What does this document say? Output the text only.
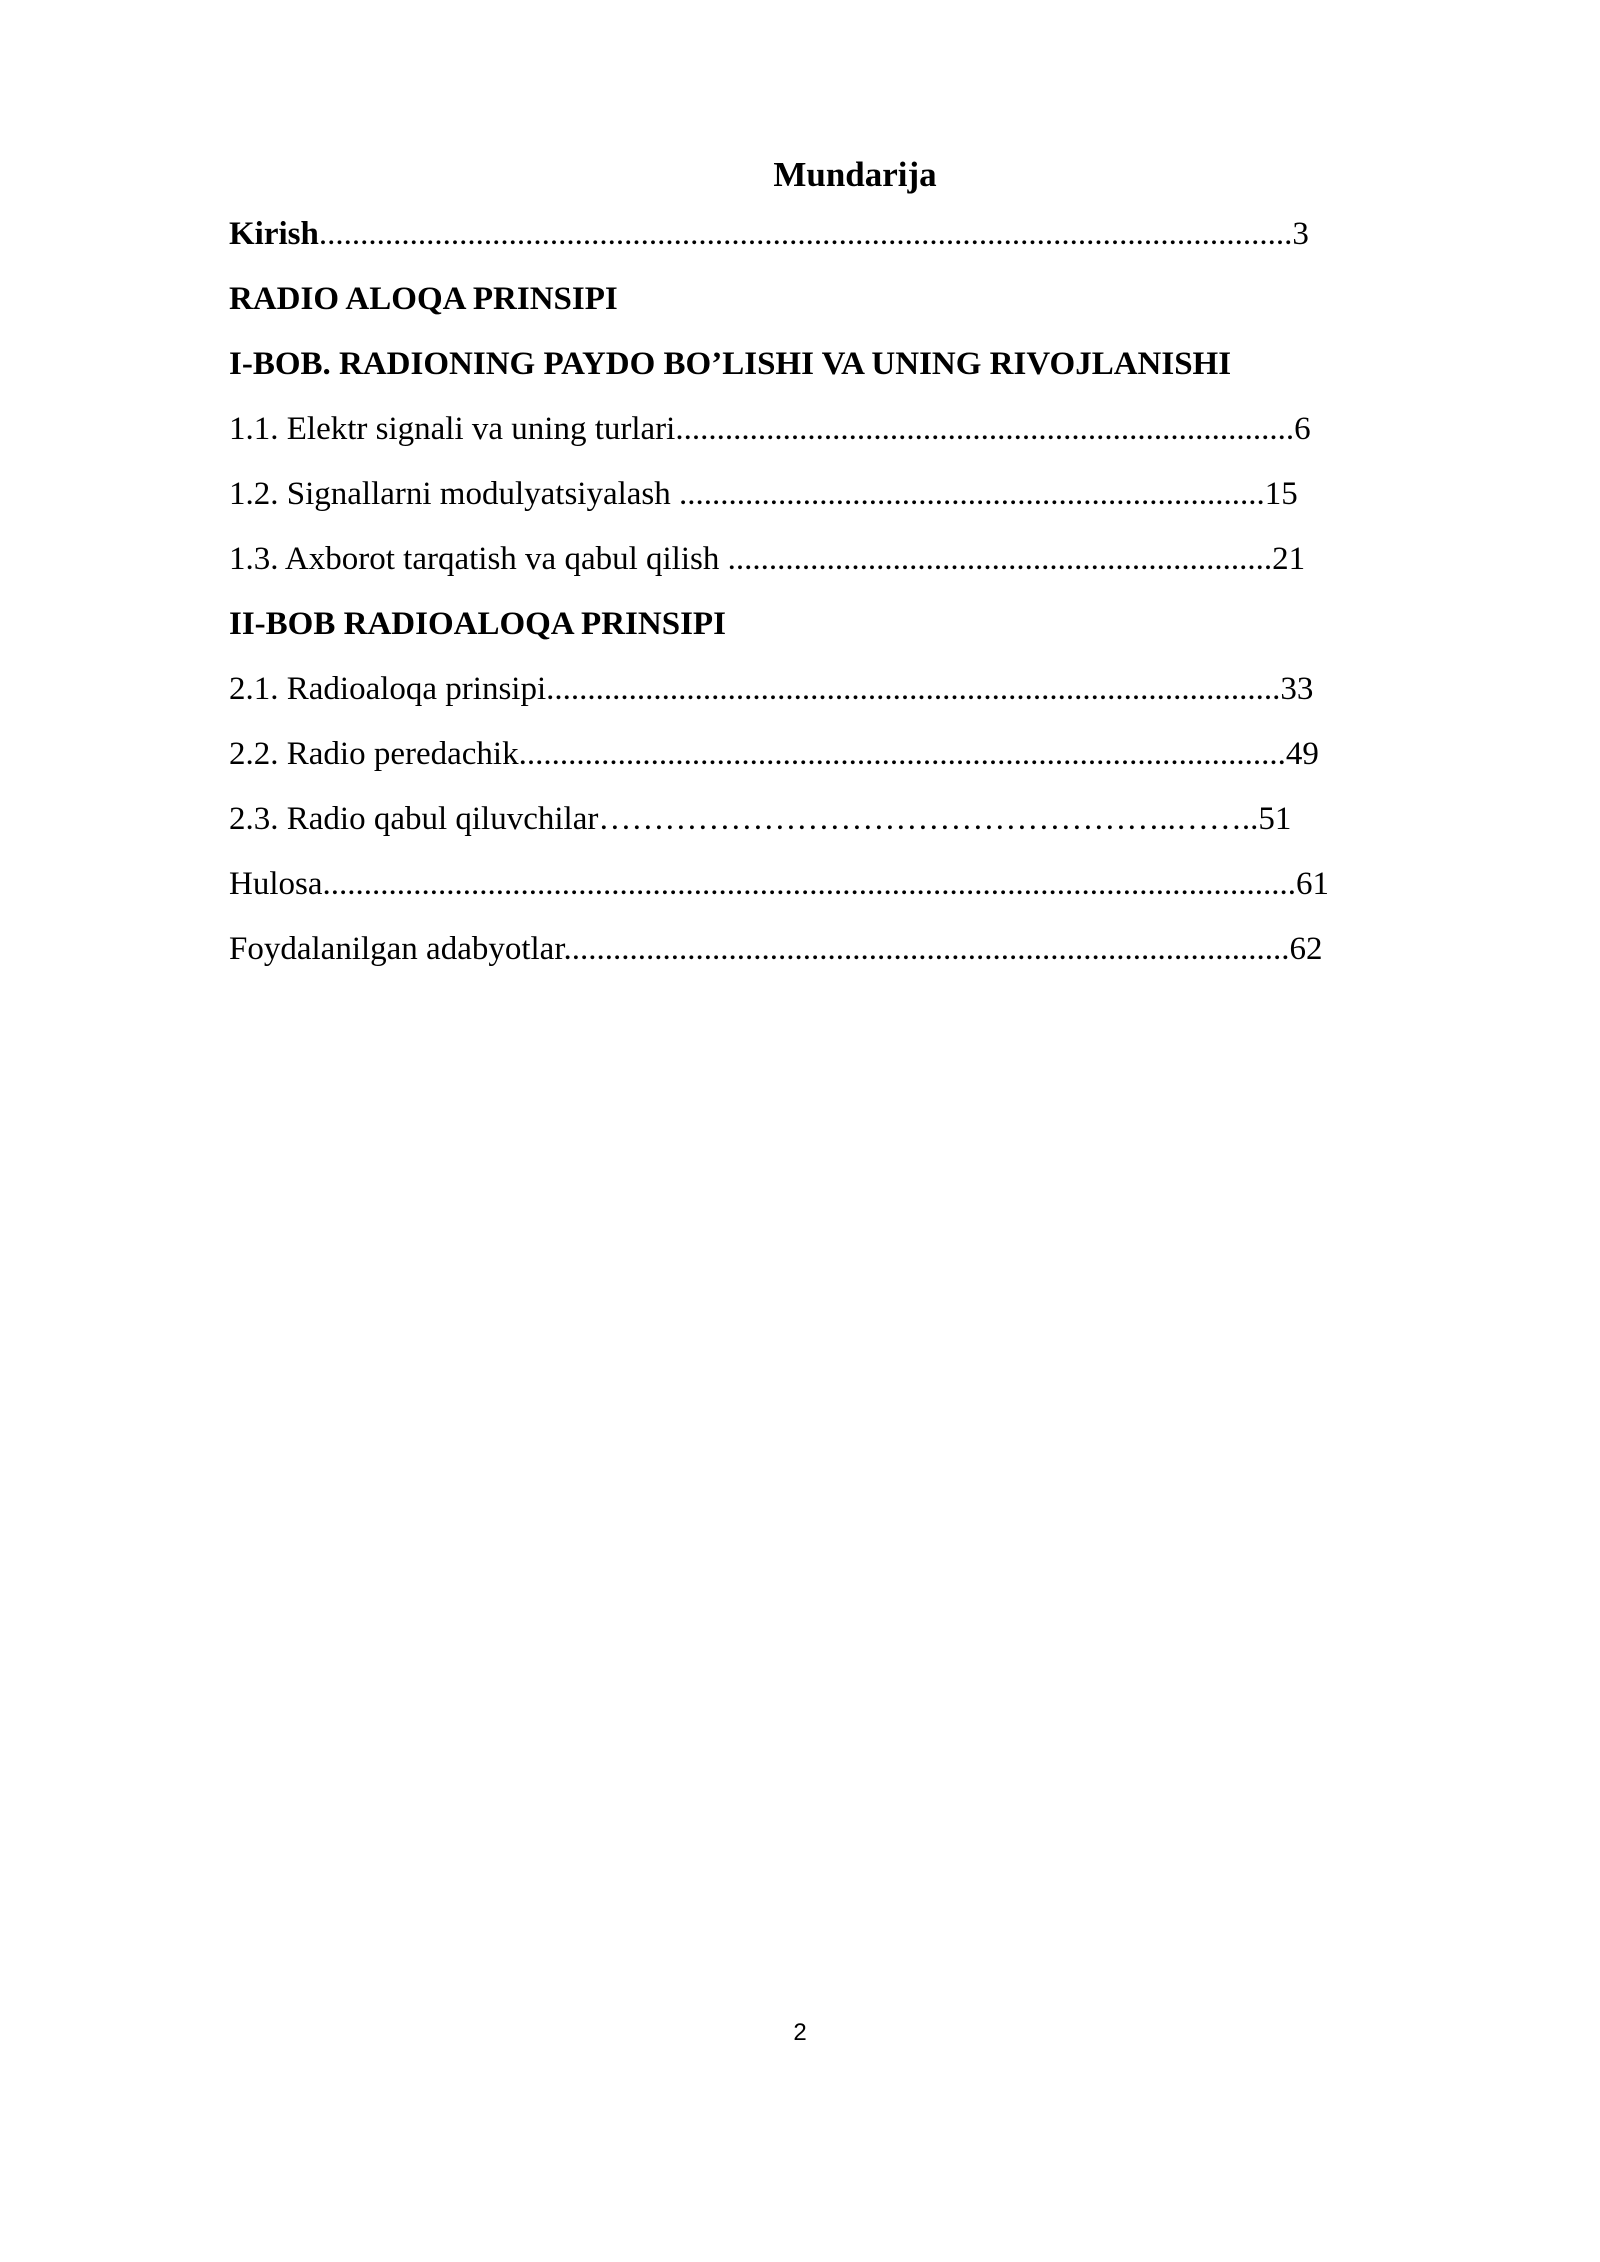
Mundarija
Kirish......................................................................................................................3
RADIO ALOQA PRINSIPI
I-BOB. RADIONING PAYDO BO’LISHI VA UNING RIVOJLANISHI
1.1. Elektr signali va uning turlari...........................................................................6
1.2. Signallarni modulyatsiyalash .......................................................................15
1.3. Axborot tarqatish va qabul qilish ..................................................................21
II-BOB RADIOALOQA PRINSIPI
2.1. Radioaloqa prinsipi.........................................................................................33
2.2. Radio peredachik.............................................................................................49
2.3. Radio qabul qiluvchilar……………………………………………..……..51
Hulosa......................................................................................................................61
Foydalanilgan adabyotlar........................................................................................62
2
